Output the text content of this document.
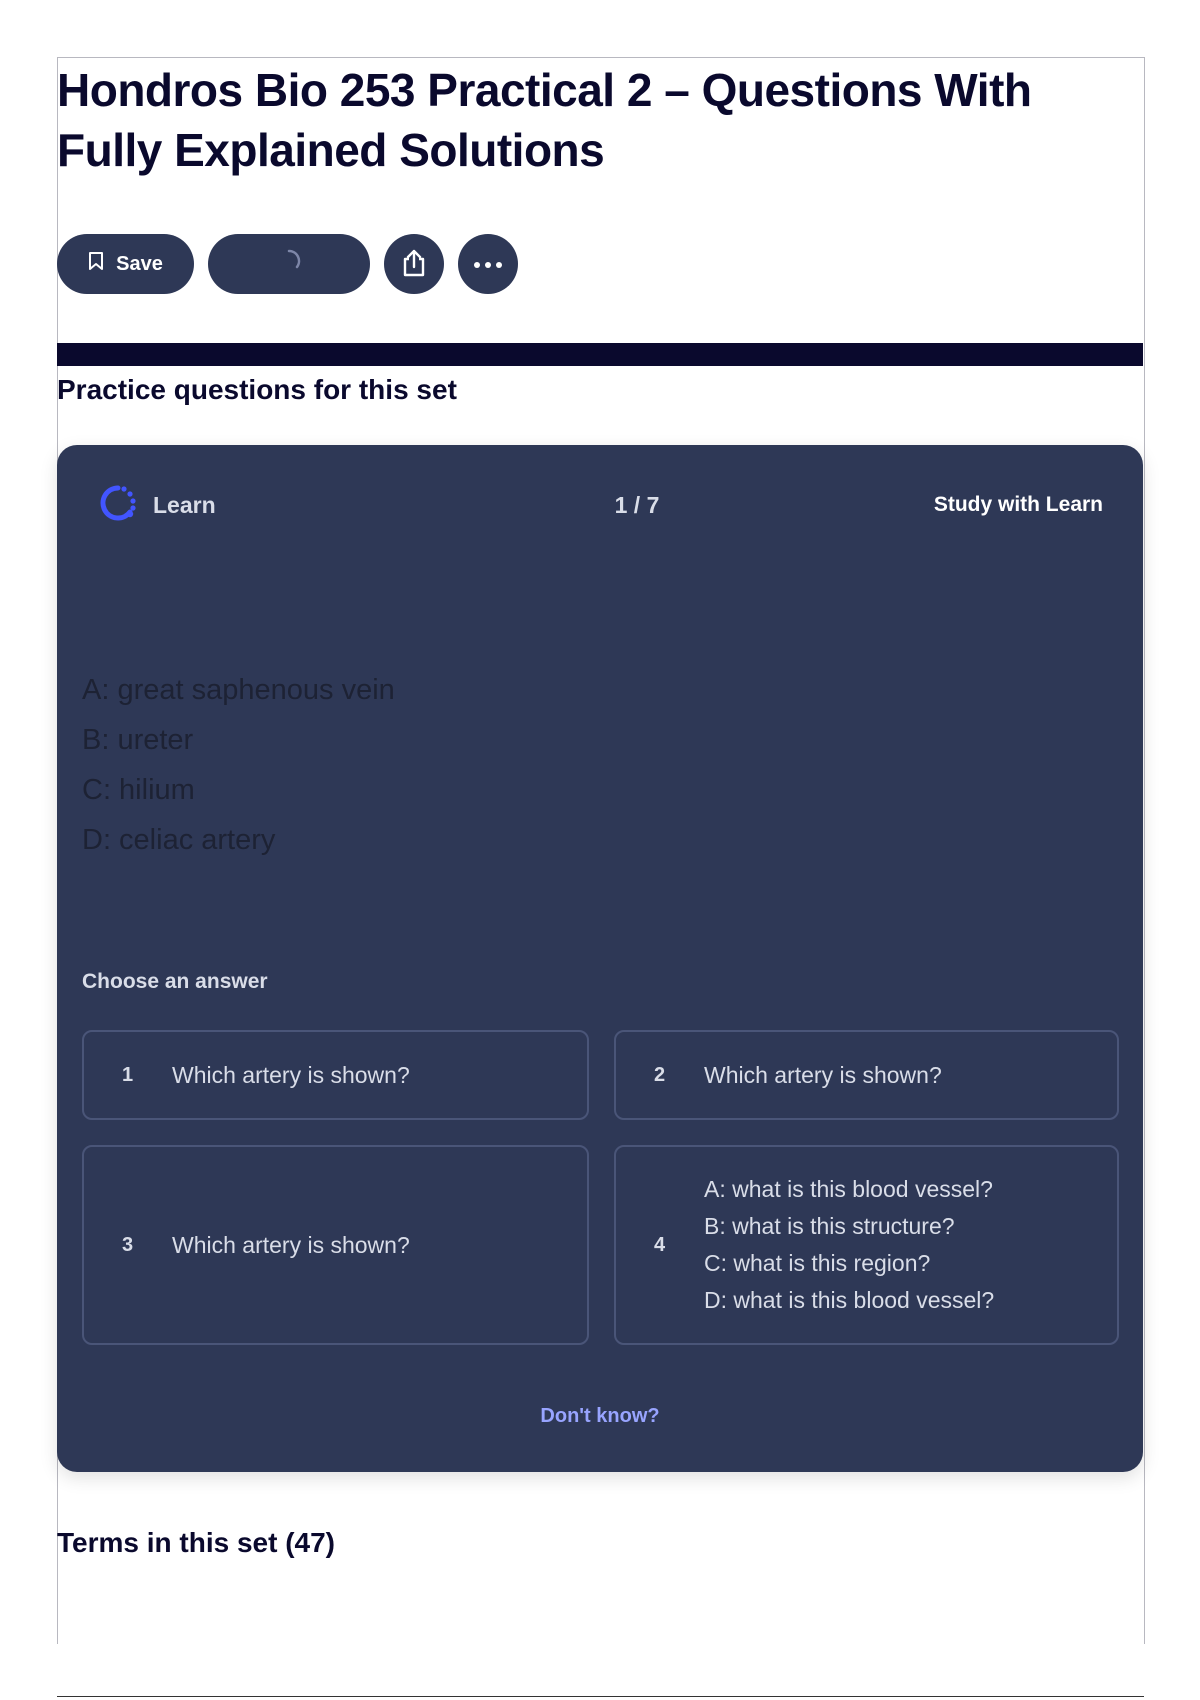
Hondros Bio 253 Practical 2 – Questions With Fully Explained Solutions
Save
Practice questions for this set
Learn	1 / 7	Study with Learn
A: great saphenous vein
B: ureter
C: hilium
D: celiac artery
Choose an answer
1	Which artery is shown?	2	Which artery is shown?
3	Which artery is shown?	4
A: what is this blood vessel?
B: what is this structure?
C: what is this region?
D: what is this blood vessel?
Don't know?
Terms in this set (47)
